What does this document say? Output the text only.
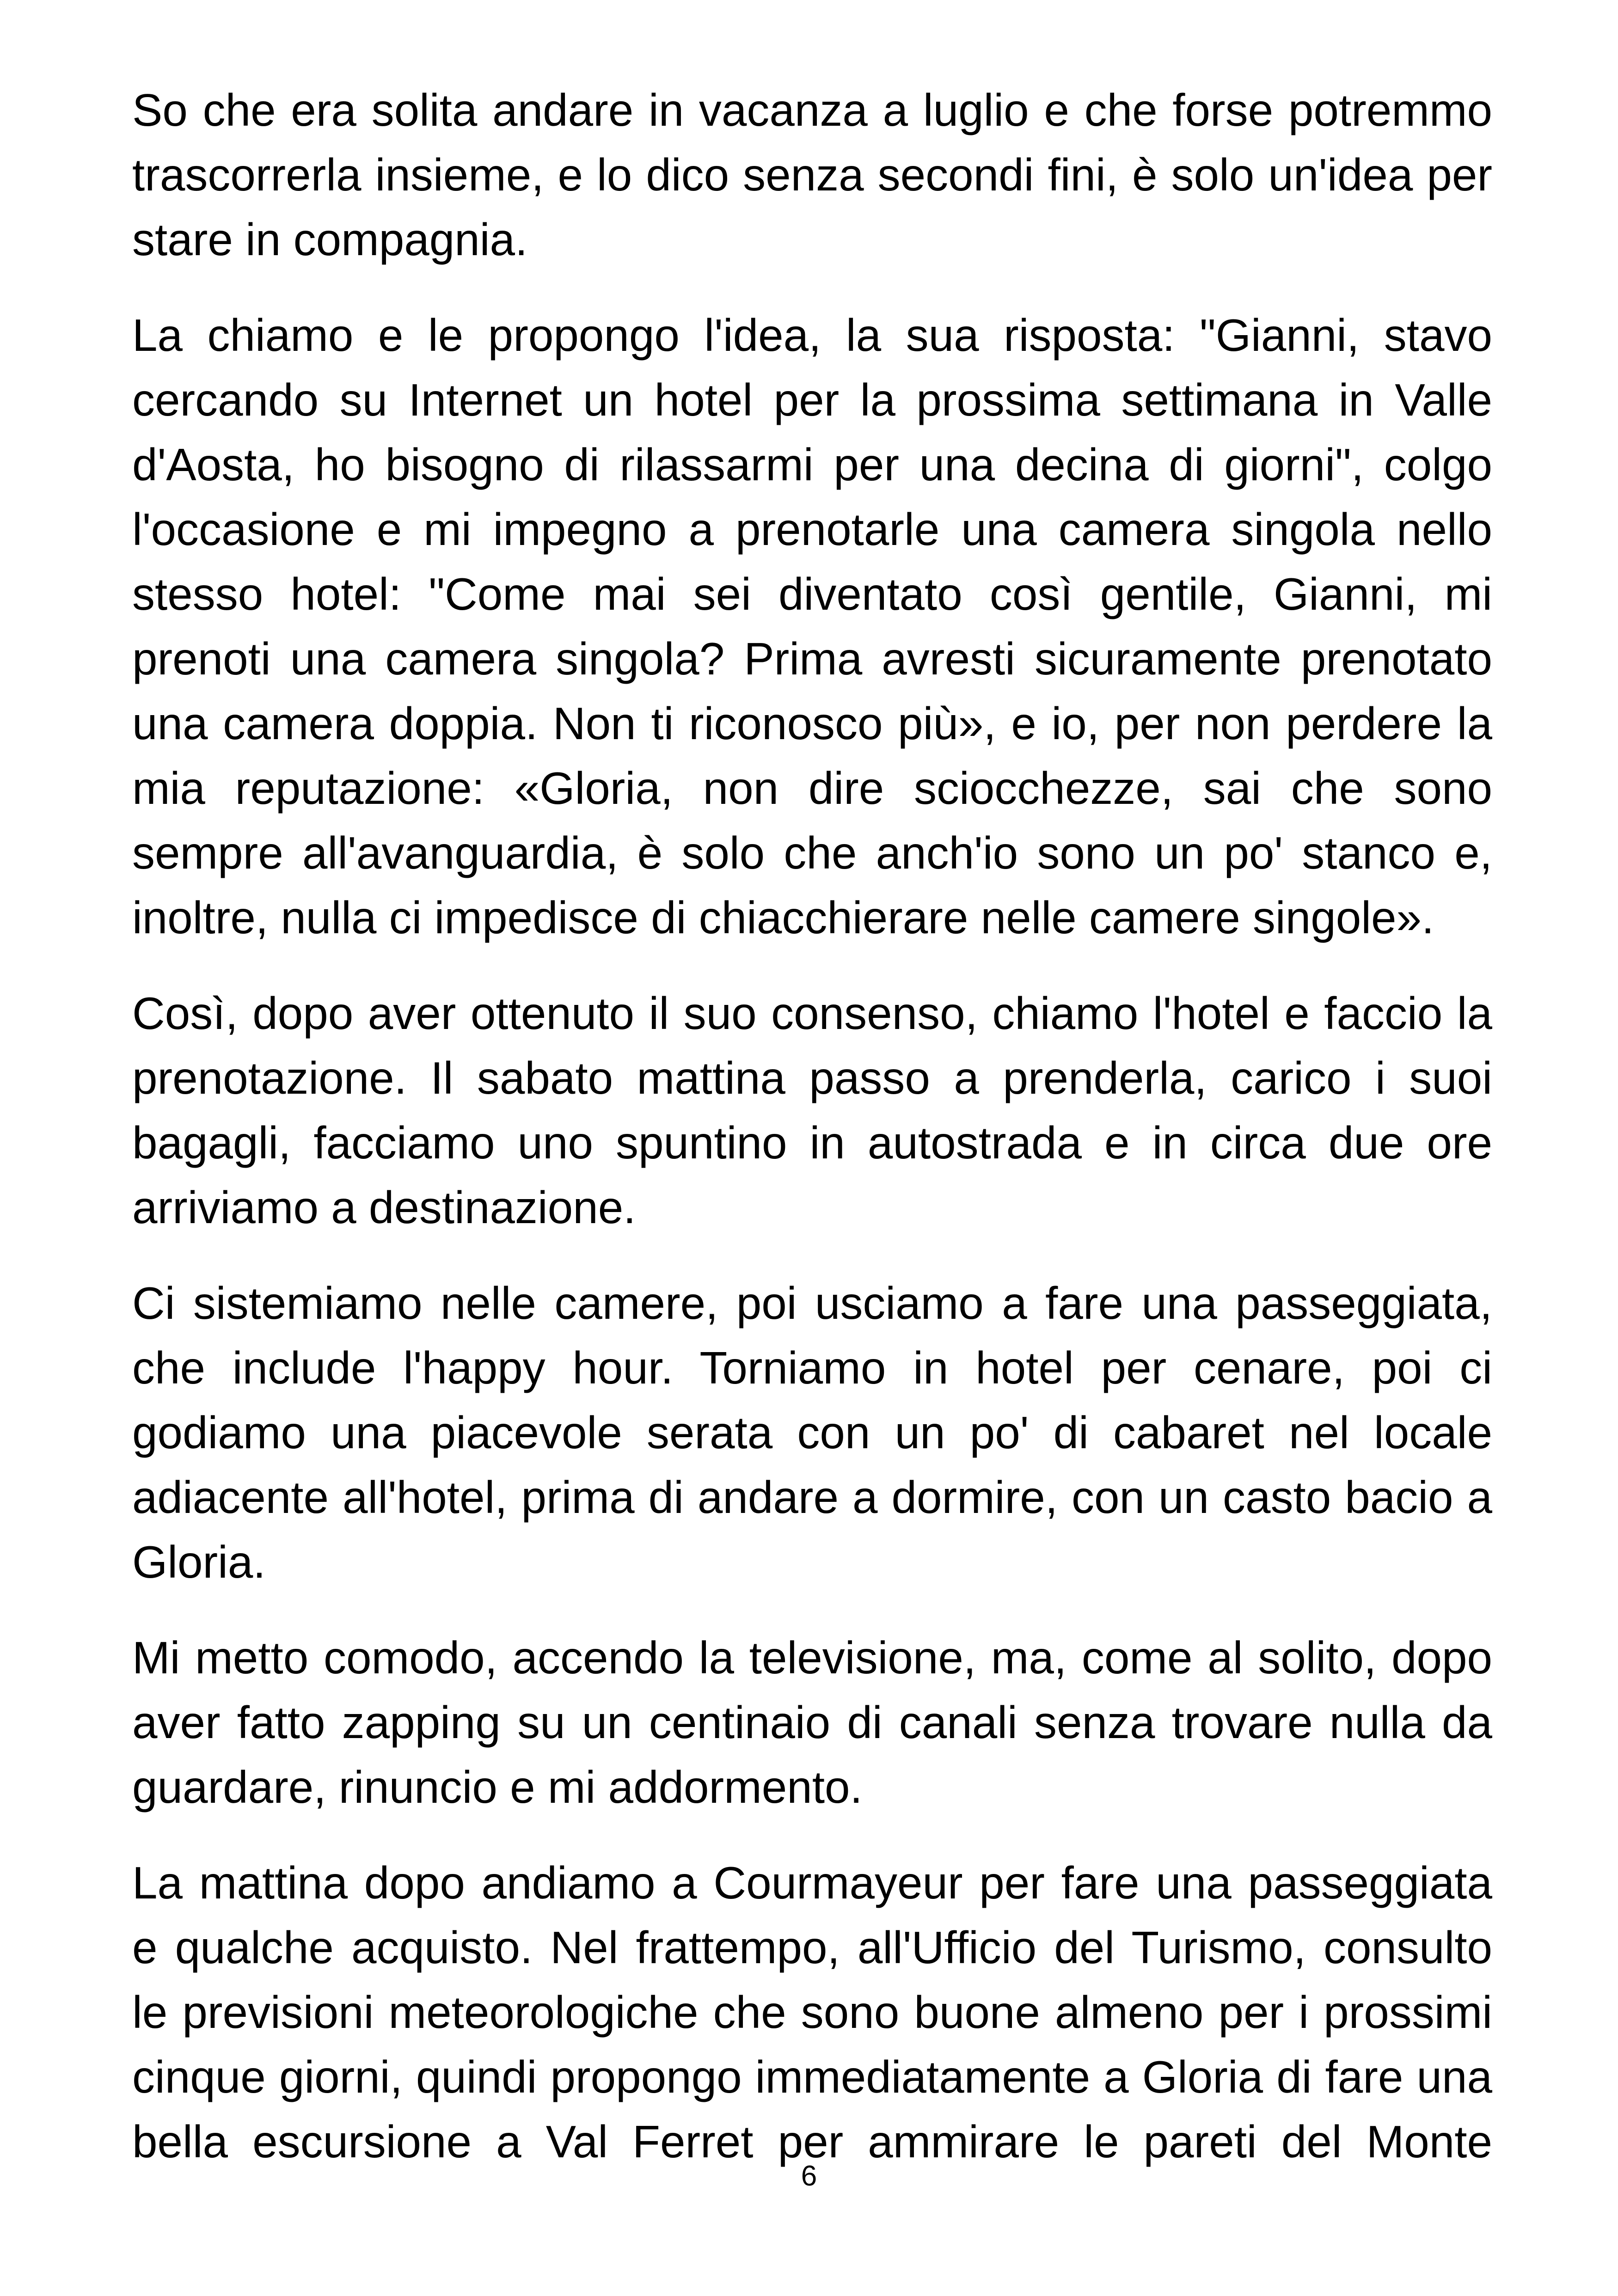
So che era solita andare in vacanza a luglio e che forse potremmo trascorrerla insieme, e lo dico senza secondi fini, è solo un'idea per stare in compagnia.

La chiamo e le propongo l'idea, la sua risposta: "Gianni, stavo cercando su Internet un hotel per la prossima settimana in Valle d'Aosta, ho bisogno di rilassarmi per una decina di giorni", colgo l'occasione e mi impegno a prenotarle una camera singola nello stesso hotel: "Come mai sei diventato così gentile, Gianni, mi prenoti una camera singola? Prima avresti sicuramente prenotato una camera doppia. Non ti riconosco più», e io, per non perdere la mia reputazione: «Gloria, non dire sciocchezze, sai che sono sempre all'avanguardia, è solo che anch'io sono un po' stanco e, inoltre, nulla ci impedisce di chiacchierare nelle camere singole».

Così, dopo aver ottenuto il suo consenso, chiamo l'hotel e faccio la prenotazione. Il sabato mattina passo a prenderla, carico i suoi bagagli, facciamo uno spuntino in autostrada e in circa due ore arriviamo a destinazione.

Ci sistemiamo nelle camere, poi usciamo a fare una passeggiata, che include l'happy hour. Torniamo in hotel per cenare, poi ci godiamo una piacevole serata con un po' di cabaret nel locale adiacente all'hotel, prima di andare a dormire, con un casto bacio a Gloria.

Mi metto comodo, accendo la televisione, ma, come al solito, dopo aver fatto zapping su un centinaio di canali senza trovare nulla da guardare, rinuncio e mi addormento.

La mattina dopo andiamo a Courmayeur per fare una passeggiata e qualche acquisto. Nel frattempo, all'Ufficio del Turismo, consulto le previsioni meteorologiche che sono buone almeno per i prossimi cinque giorni, quindi propongo immediatamente a Gloria di fare una bella escursione a Val Ferret per ammirare le pareti del Monte

6
